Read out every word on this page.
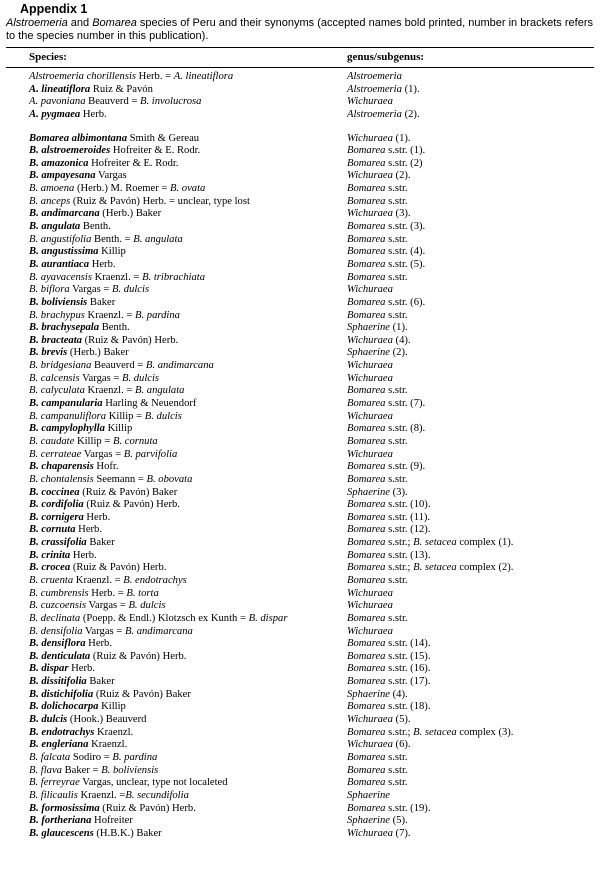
Appendix 1
Alstroemeria and Bomarea species of Peru and their synonyms (accepted names bold printed, number in brackets refers to the species number in this publication).
Species:	genus/subgenus:
Alstroemeria chorillensis Herb. = A. lineatiflora	Alstroemeria
A. lineatiflora Ruiz & Pavón	Alstroemeria (1).
A. pavoniana Beauverd = B. involucrosa	Wichuraea
A. pygmaea Herb.	Alstroemeria (2).
Bomarea albimontana Smith & Gereau	Wichuraea (1).
B. alstroemeroides Hofreiter & E. Rodr.	Bomarea s.str. (1).
B. amazonica Hofreiter & E. Rodr.	Bomarea s.str. (2)
B. ampayesana Vargas	Wichuraea (2).
B. amoena (Herb.) M. Roemer = B. ovata	Bomarea s.str.
B. anceps (Ruiz & Pavón) Herb. = unclear, type lost	Bomarea s.str.
B. andimarcana (Herb.) Baker	Wichuraea (3).
B. angulata Benth.	Bomarea s.str. (3).
B. angustifolia Benth. = B. angulata	Bomarea s.str.
B. angustissima Killip	Bomarea s.str. (4).
B. aurantiaca Herb.	Bomarea s.str. (5).
B. ayavacensis Kraenzl. = B. tribrachiata	Bomarea s.str.
B. biflora Vargas = B. dulcis	Wichuraea
B. boliviensis Baker	Bomarea s.str. (6).
B. brachypus Kraenzl. = B. pardina	Bomarea s.str.
B. brachysepala Benth.	Sphaerine (1).
B. bracteata (Ruiz & Pavón) Herb.	Wichuraea (4).
B. brevis (Herb.) Baker	Sphaerine (2).
B. bridgesiana Beauverd = B. andimarcana	Wichuraea
B. calcensis Vargas = B. dulcis	Wichuraea
B. calyculata Kraenzl. = B. angulata	Bomarea s.str.
B. campanularia Harling & Neuendorf	Bomarea s.str. (7).
B. campanuliflora Killip = B. dulcis	Wichuraea
B. campylophylla Killip	Bomarea s.str. (8).
B. caudate Killip = B. cornuta	Bomarea s.str.
B. cerrateae Vargas = B. parvifolia	Wichuraea
B. chaparensis Hofr.	Bomarea s.str. (9).
B. chontalensis Seemann = B. obovata	Bomarea s.str.
B. coccinea (Ruiz & Pavón) Baker	Sphaerine (3).
B. cordifolia (Ruiz & Pavón) Herb.	Bomarea s.str. (10).
B. cornigera Herb.	Bomarea s.str. (11).
B. cornuta Herb.	Bomarea s.str. (12).
B. crassifolia Baker	Bomarea s.str.; B. setacea complex (1).
B. crinita Herb.	Bomarea s.str. (13).
B. crocea (Ruiz & Pavón) Herb.	Bomarea s.str.; B. setacea complex (2).
B. cruenta Kraenzl. = B. endotrachys	Bomarea s.str.
B. cumbrensis Herb. = B. torta	Wichuraea
B. cuzcoensis Vargas = B. dulcis	Wichuraea
B. declinata (Poepp. & Endl.) Klotzsch ex Kunth = B. dispar	Bomarea s.str.
B. densifolia Vargas = B. andimarcana	Wichuraea
B. densiflora Herb.	Bomarea s.str. (14).
B. denticulata (Ruiz & Pavón) Herb.	Bomarea s.str. (15).
B. dispar Herb.	Bomarea s.str. (16).
B. dissitifolia Baker	Bomarea s.str. (17).
B. distichifolia (Ruiz & Pavón) Baker	Sphaerine (4).
B. dolichocarpa Killip	Bomarea s.str. (18).
B. dulcis (Hook.) Beauverd	Wichuraea (5).
B. endotrachys Kraenzl.	Bomarea s.str.; B. setacea complex (3).
B. engleriana Kraenzl.	Wichuraea (6).
B. falcata Sodiro = B. pardina	Bomarea s.str.
B. flava Baker = B. boliviensis	Bomarea s.str.
B. ferreyrae Vargas, unclear, type not localeted	Bomarea s.str.
B. filicaulis Kraenzl. =B. secundifolia	Sphaerine
B. formosissima (Ruiz & Pavón) Herb.	Bomarea s.str. (19).
B. fortheriana Hofreiter	Sphaerine (5).
B. glaucescens (H.B.K.) Baker	Wichuraea (7).
